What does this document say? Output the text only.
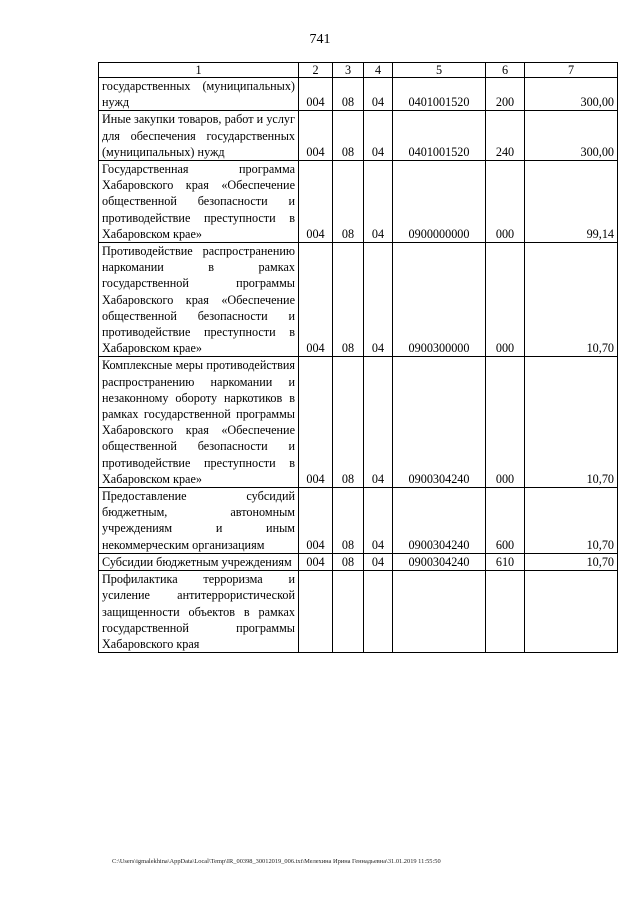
741
1	2	3	4	5	6	7
государственных (муниципальных) нужд	004	08	04	0401001520	200	300,00
Иные закупки товаров, работ и услуг для обеспечения государственных (муниципальных) нужд	004	08	04	0401001520	240	300,00
Государственная программа Хабаровского края «Обеспечение общественной безопасности и противодействие преступности в Хабаровском крае»	004	08	04	0900000000	000	99,14
Противодействие распространению наркомании в рамках государственной программы Хабаровского края «Обеспечение общественной безопасности и противодействие преступности в Хабаровском крае»	004	08	04	0900300000	000	10,70
Комплексные меры противодействия распространению наркомании и незаконному обороту наркотиков в рамках государственной программы Хабаровского края «Обеспечение общественной безопасности и противодействие преступности в Хабаровском крае»	004	08	04	0900304240	000	10,70
Предоставление субсидий бюджетным, автономным учреждениям и иным некоммерческим организациям	004	08	04	0900304240	600	10,70
Субсидии бюджетным учреждениям	004	08	04	0900304240	610	10,70
Профилактика терроризма и усиление антитеррористической защищенности объектов в рамках государственной программы Хабаровского края						
C:\Users\igmalekhina\AppData\Local\Temp\IR_00398_30012019_006.txt\Мелехина Ирина Геннадьевна\31.01.2019 11:55:50
